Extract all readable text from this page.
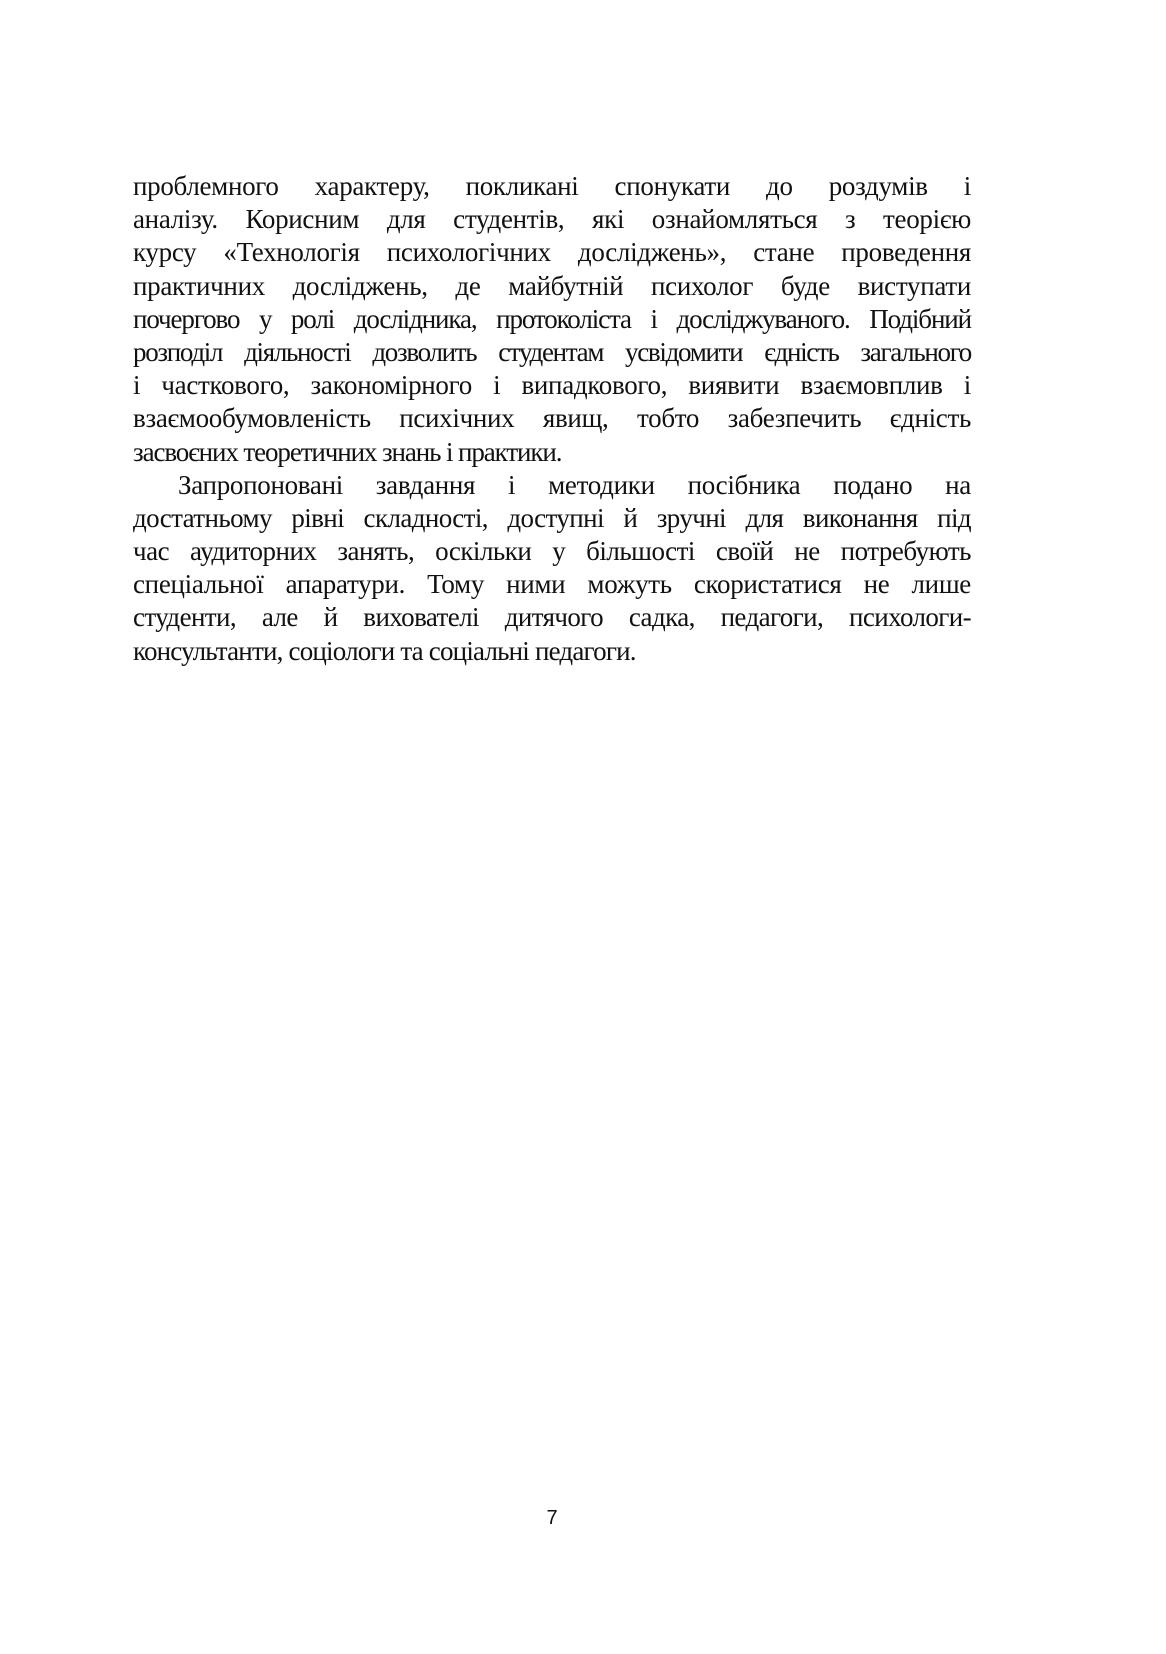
проблемного характеру, покликані спонукати до роздумів і
аналізу. Корисним для студентів, які ознайомляться з теорією
курсу «Технологія психологічних досліджень», стане проведення
практичних досліджень, де майбутній психолог буде виступати
почергово у ролі дослідника, протоколіста і досліджуваного. Подібний
розподіл діяльності дозволить студентам усвідомити єдність загального
і часткового, закономірного і випадкового, виявити взаємовплив і
взаємообумовленість психічних явищ, тобто забезпечить єдність
засвоєних теоретичних знань і практики.
Запропоновані завдання і методики посібника подано на
достатньому рівні складності, доступні й зручні для виконання під
час аудиторних занять, оскільки у більшості своїй не потребують
спеціальної апаратури. Тому ними можуть скористатися не лише
студенти, але й вихователі дитячого садка, педагоги, психологи-
консультанти, соціологи та соціальні педагоги.
7
